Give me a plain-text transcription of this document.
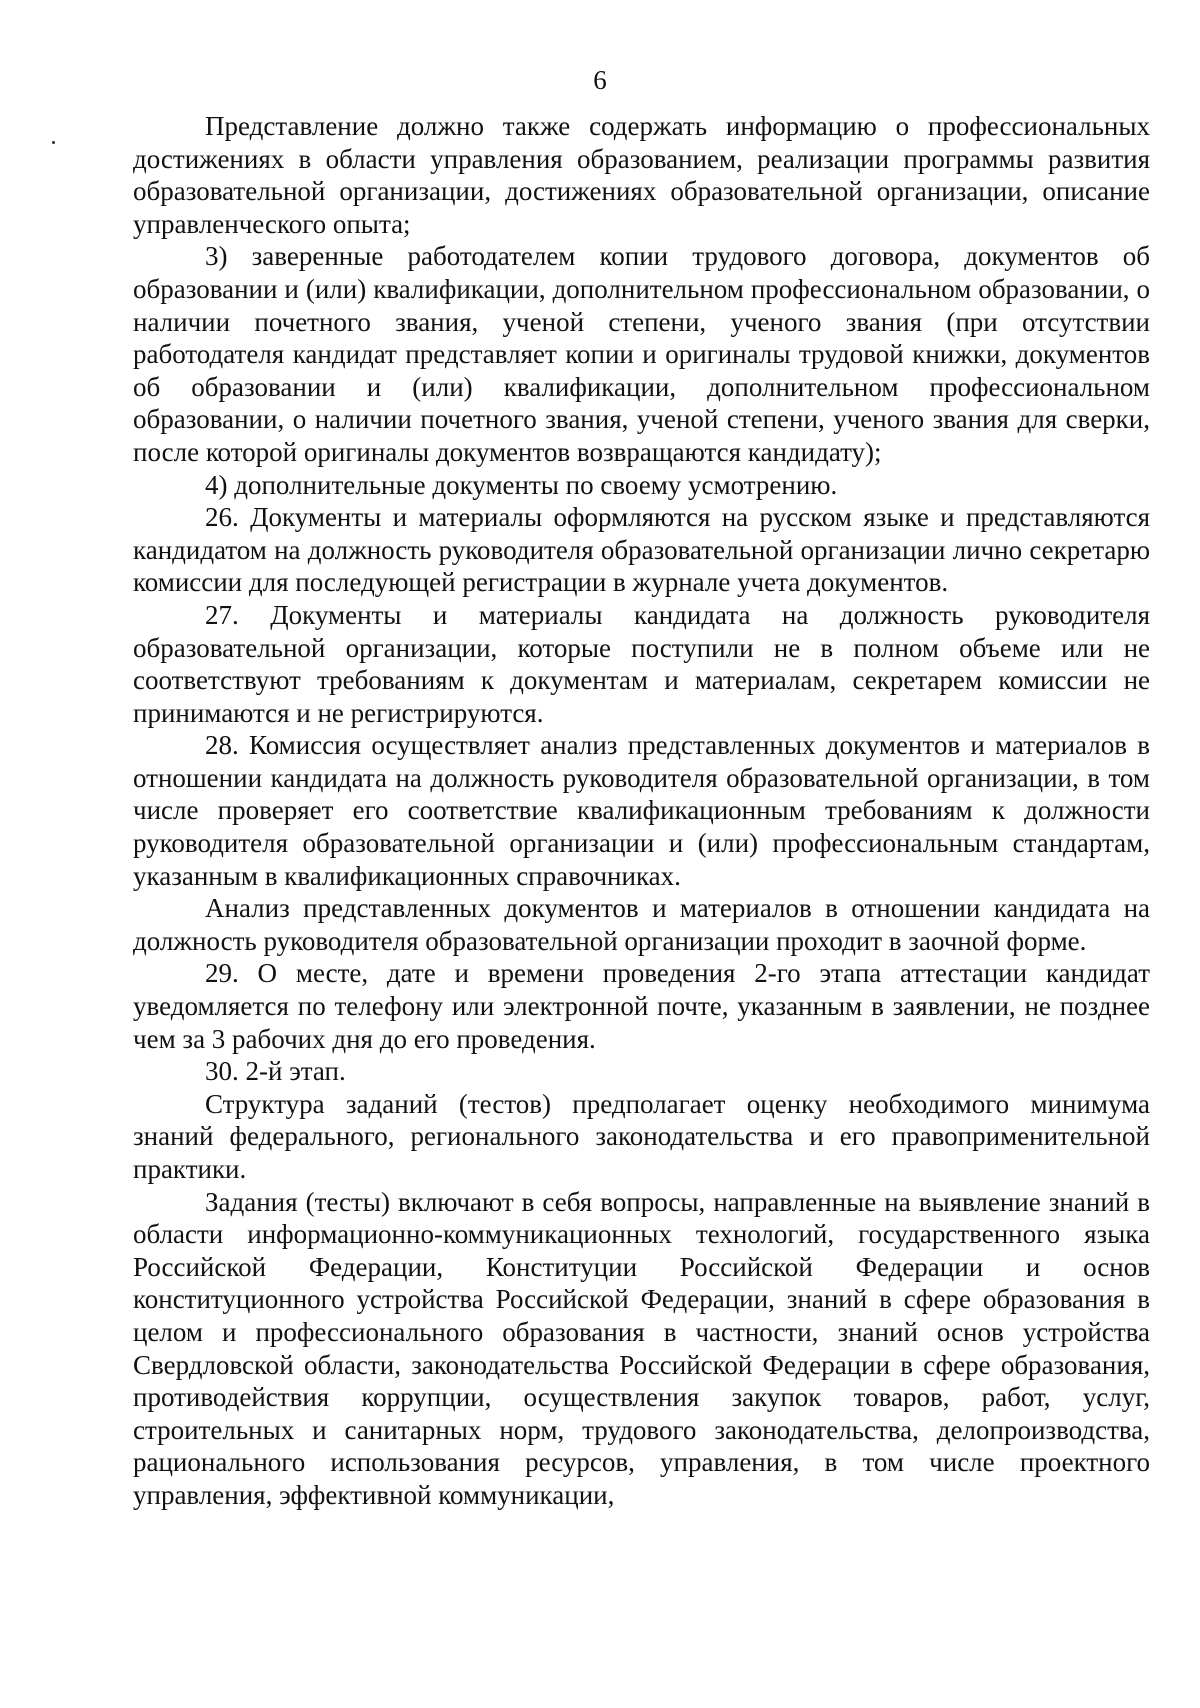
6

Представление должно также содержать информацию о профессиональных достижениях в области управления образованием, реализации программы развития образовательной организации, достижениях образовательной организации, описание управленческого опыта;

3) заверенные работодателем копии трудового договора, документов об образовании и (или) квалификации, дополнительном профессиональном образовании, о наличии почетного звания, ученой степени, ученого звания (при отсутствии работодателя кандидат представляет копии и оригиналы трудовой книжки, документов об образовании и (или) квалификации, дополнительном профессиональном образовании, о наличии почетного звания, ученой степени, ученого звания для сверки, после которой оригиналы документов возвращаются кандидату);

4) дополнительные документы по своему усмотрению.

26. Документы и материалы оформляются на русском языке и представляются кандидатом на должность руководителя образовательной организации лично секретарю комиссии для последующей регистрации в журнале учета документов.

27. Документы и материалы кандидата на должность руководителя образовательной организации, которые поступили не в полном объеме или не соответствуют требованиям к документам и материалам, секретарем комиссии не принимаются и не регистрируются.

28. Комиссия осуществляет анализ представленных документов и материалов в отношении кандидата на должность руководителя образовательной организации, в том числе проверяет его соответствие квалификационным требованиям к должности руководителя образовательной организации и (или) профессиональным стандартам, указанным в квалификационных справочниках.

Анализ представленных документов и материалов в отношении кандидата на должность руководителя образовательной организации проходит в заочной форме.

29. О месте, дате и времени проведения 2-го этапа аттестации кандидат уведомляется по телефону или электронной почте, указанным в заявлении, не позднее чем за 3 рабочих дня до его проведения.

30. 2-й этап.

Структура заданий (тестов) предполагает оценку необходимого минимума знаний федерального, регионального законодательства и его правоприменительной практики.

Задания (тесты) включают в себя вопросы, направленные на выявление знаний в области информационно-коммуникационных технологий, государственного языка Российской Федерации, Конституции Российской Федерации и основ конституционного устройства Российской Федерации, знаний в сфере образования в целом и профессионального образования в частности, знаний основ устройства Свердловской области, законодательства Российской Федерации в сфере образования, противодействия коррупции, осуществления закупок товаров, работ, услуг, строительных и санитарных норм, трудового законодательства, делопроизводства, рационального использования ресурсов, управления, в том числе проектного управления, эффективной коммуникации,
